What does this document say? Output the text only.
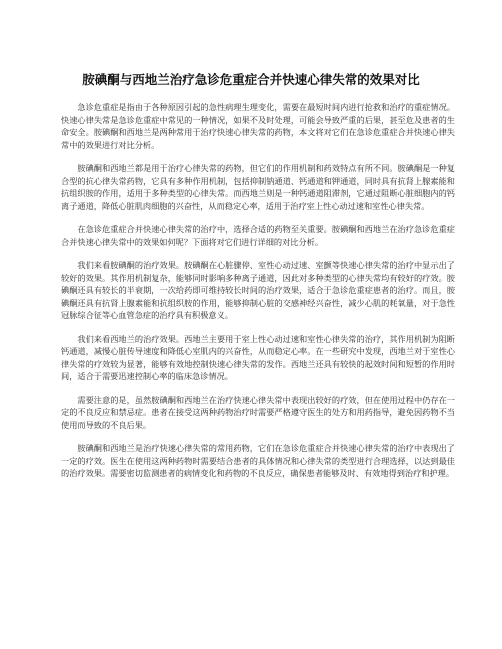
胺碘酮与西地兰治疗急诊危重症合并快速心律失常的效果对比

急诊危重症是指由于各种原因引起的急性病理生理变化，需要在最短时间内进行抢救和治疗的重症情况。快速心律失常是急诊危重症中常见的一种情况，如果不及时处理，可能会导致严重的后果，甚至危及患者的生命安全。胺碘酮和西地兰是两种常用于治疗快速心律失常的药物，本文将对它们在急诊危重症合并快速心律失常中的效果进行对比分析。

胺碘酮和西地兰都是用于治疗心律失常的药物，但它们的作用机制和药效特点有所不同。胺碘酮是一种复合型的抗心律失常药物，它具有多种作用机制，包括抑制钠通道、钙通道和钾通道，同时具有抗肾上腺素能和抗组织胺的作用，适用于多种类型的心律失常。而西地兰则是一种钙通道阻滞剂，它通过阻断心脏细胞内的钙离子通道，降低心脏肌肉细胞的兴奋性，从而稳定心率，适用于治疗室上性心动过速和室性心律失常。

在急诊危重症合并快速心律失常的治疗中，选择合适的药物至关重要。胺碘酮和西地兰在治疗急诊危重症合并快速心律失常中的效果如何呢？下面将对它们进行详细的对比分析。

我们来看胺碘酮的治疗效果。胺碘酮在心脏骤停、室性心动过速、室颤等快速心律失常的治疗中显示出了较好的效果。其作用机制复杂，能够同时影响多种离子通道，因此对多种类型的心律失常均有较好的疗效。胺碘酮还具有较长的半衰期，一次给药即可维持较长时间的治疗效果，适合于急诊危重症患者的治疗。而且，胺碘酮还具有抗肾上腺素能和抗组织胺的作用，能够抑制心脏的交感神经兴奋性，减少心肌的耗氧量，对于急性冠脉综合征等心血管急症的治疗具有积极意义。

我们来看西地兰的治疗效果。西地兰主要用于室上性心动过速和室性心律失常的治疗，其作用机制为阻断钙通道，减慢心脏传导速度和降低心室肌内的兴奋性，从而稳定心率。在一些研究中发现，西地兰对于室性心律失常的疗效较为显著，能够有效地控制快速心律失常的发作。西地兰还具有较快的起效时间和短暂的作用时间，适合于需要迅速控制心率的临床急诊情况。

需要注意的是，虽然胺碘酮和西地兰在治疗快速心律失常中表现出较好的疗效，但在使用过程中仍存在一定的不良反应和禁忌症。患者在接受这两种药物治疗时需要严格遵守医生的处方和用药指导，避免因药物不当使用而导致的不良后果。

胺碘酮和西地兰是治疗快速心律失常的常用药物，它们在急诊危重症合并快速心律失常的治疗中表现出了一定的疗效。医生在使用这两种药物时需要结合患者的具体情况和心律失常的类型进行合理选择，以达到最佳的治疗效果。需要密切监测患者的病情变化和药物的不良反应，确保患者能够及时、有效地得到治疗和护理。
